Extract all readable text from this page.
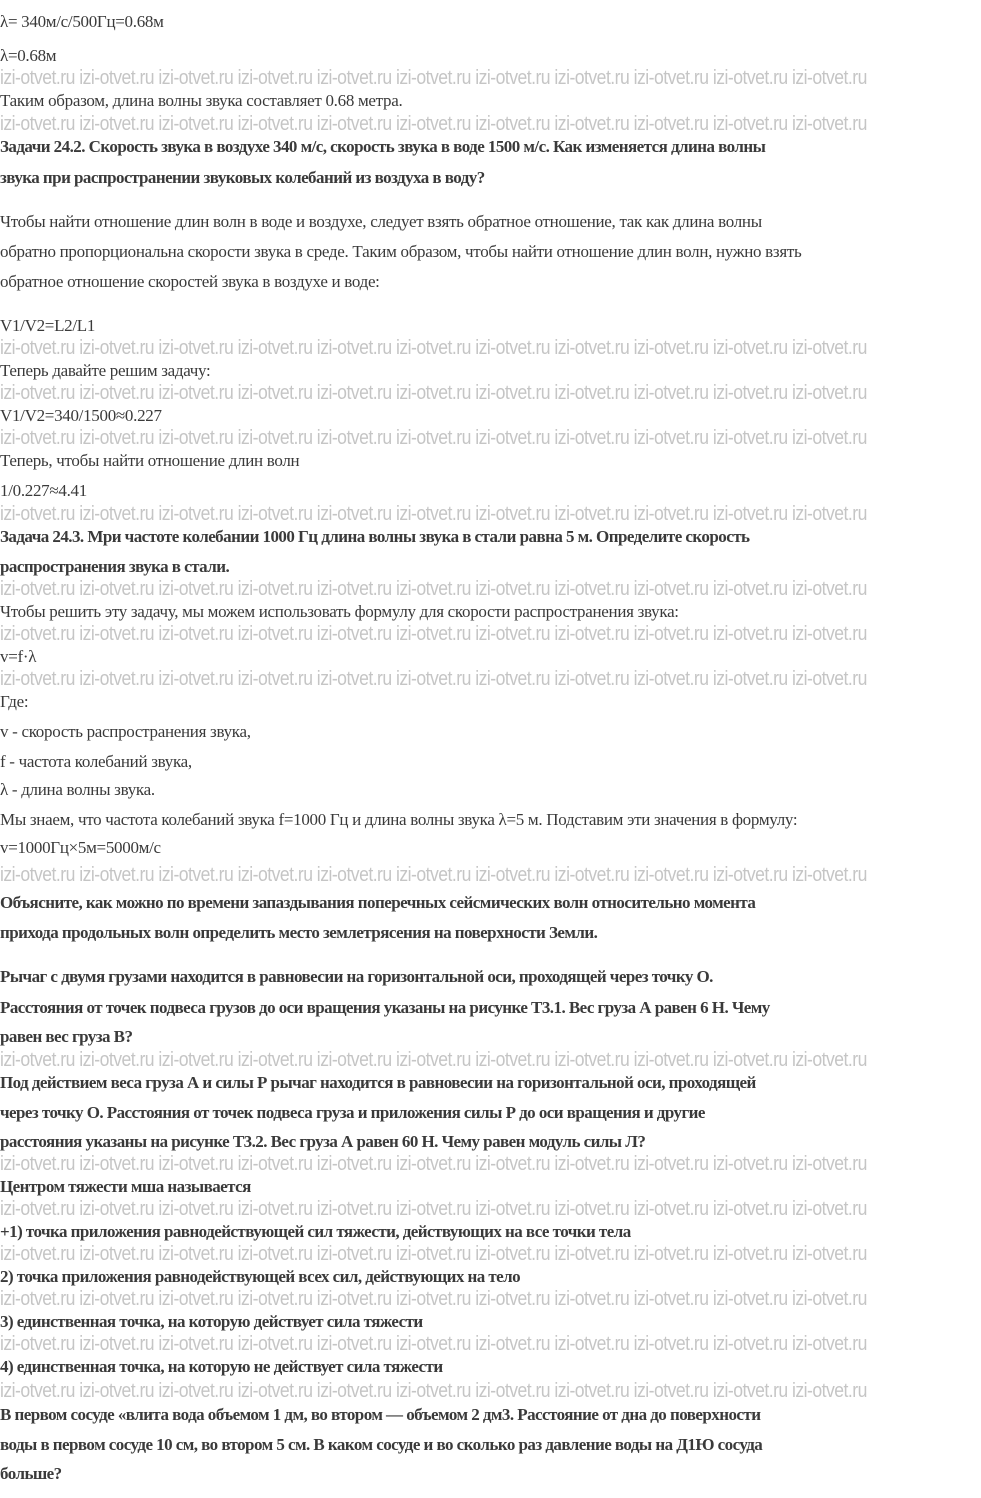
izi-otvet.ru izi-otvet.ru izi-otvet.ru izi-otvet.ru izi-otvet.ru izi-otvet.ru izi-otvet.ru izi-otvet.ru izi-otvet.ru izi-otvet.ru izi-otvet.ru
izi-otvet.ru izi-otvet.ru izi-otvet.ru izi-otvet.ru izi-otvet.ru izi-otvet.ru izi-otvet.ru izi-otvet.ru izi-otvet.ru izi-otvet.ru izi-otvet.ru
izi-otvet.ru izi-otvet.ru izi-otvet.ru izi-otvet.ru izi-otvet.ru izi-otvet.ru izi-otvet.ru izi-otvet.ru izi-otvet.ru izi-otvet.ru izi-otvet.ru
izi-otvet.ru izi-otvet.ru izi-otvet.ru izi-otvet.ru izi-otvet.ru izi-otvet.ru izi-otvet.ru izi-otvet.ru izi-otvet.ru izi-otvet.ru izi-otvet.ru
izi-otvet.ru izi-otvet.ru izi-otvet.ru izi-otvet.ru izi-otvet.ru izi-otvet.ru izi-otvet.ru izi-otvet.ru izi-otvet.ru izi-otvet.ru izi-otvet.ru
izi-otvet.ru izi-otvet.ru izi-otvet.ru izi-otvet.ru izi-otvet.ru izi-otvet.ru izi-otvet.ru izi-otvet.ru izi-otvet.ru izi-otvet.ru izi-otvet.ru
izi-otvet.ru izi-otvet.ru izi-otvet.ru izi-otvet.ru izi-otvet.ru izi-otvet.ru izi-otvet.ru izi-otvet.ru izi-otvet.ru izi-otvet.ru izi-otvet.ru
izi-otvet.ru izi-otvet.ru izi-otvet.ru izi-otvet.ru izi-otvet.ru izi-otvet.ru izi-otvet.ru izi-otvet.ru izi-otvet.ru izi-otvet.ru izi-otvet.ru
izi-otvet.ru izi-otvet.ru izi-otvet.ru izi-otvet.ru izi-otvet.ru izi-otvet.ru izi-otvet.ru izi-otvet.ru izi-otvet.ru izi-otvet.ru izi-otvet.ru
izi-otvet.ru izi-otvet.ru izi-otvet.ru izi-otvet.ru izi-otvet.ru izi-otvet.ru izi-otvet.ru izi-otvet.ru izi-otvet.ru izi-otvet.ru izi-otvet.ru
izi-otvet.ru izi-otvet.ru izi-otvet.ru izi-otvet.ru izi-otvet.ru izi-otvet.ru izi-otvet.ru izi-otvet.ru izi-otvet.ru izi-otvet.ru izi-otvet.ru
izi-otvet.ru izi-otvet.ru izi-otvet.ru izi-otvet.ru izi-otvet.ru izi-otvet.ru izi-otvet.ru izi-otvet.ru izi-otvet.ru izi-otvet.ru izi-otvet.ru
izi-otvet.ru izi-otvet.ru izi-otvet.ru izi-otvet.ru izi-otvet.ru izi-otvet.ru izi-otvet.ru izi-otvet.ru izi-otvet.ru izi-otvet.ru izi-otvet.ru
izi-otvet.ru izi-otvet.ru izi-otvet.ru izi-otvet.ru izi-otvet.ru izi-otvet.ru izi-otvet.ru izi-otvet.ru izi-otvet.ru izi-otvet.ru izi-otvet.ru
izi-otvet.ru izi-otvet.ru izi-otvet.ru izi-otvet.ru izi-otvet.ru izi-otvet.ru izi-otvet.ru izi-otvet.ru izi-otvet.ru izi-otvet.ru izi-otvet.ru
izi-otvet.ru izi-otvet.ru izi-otvet.ru izi-otvet.ru izi-otvet.ru izi-otvet.ru izi-otvet.ru izi-otvet.ru izi-otvet.ru izi-otvet.ru izi-otvet.ru
izi-otvet.ru izi-otvet.ru izi-otvet.ru izi-otvet.ru izi-otvet.ru izi-otvet.ru izi-otvet.ru izi-otvet.ru izi-otvet.ru izi-otvet.ru izi-otvet.ru
λ= 340м/с/500Гц=0.68м
λ=0.68м
Таким образом, длина волны звука составляет 0.68 метра.
Задачи 24.2. Скорость звука в воздухе 340 м/с, скорость звука в воде 1500 м/с. Как изменяется длина волны
звука при распространении звуковых колебаний из воздуха в воду?
Чтобы найти отношение длин волн в воде и воздухе, следует взять обратное отношение, так как длина волны
обратно пропорциональна скорости звука в среде. Таким образом, чтобы найти отношение длин волн, нужно взять
обратное отношение скоростей звука в воздухе и воде:
V1/V2=L2/L1
Теперь давайте решим задачу:
V1/V2=340/1500≈0.227
Теперь, чтобы найти отношение длин волн
1/0.227≈4.41
Задача 24.3. Мри частоте колебании 1000 Гц длина волны звука в стали равна 5 м. Определите скорость
распространения звука в стали.
Чтобы решить эту задачу, мы можем использовать формулу для скорости распространения звука:
v=f·λ
Где:
v - скорость распространения звука,
f - частота колебаний звука,
λ - длина волны звука.
Мы знаем, что частота колебаний звука f=1000 Гц и длина волны звука λ=5 м. Подставим эти значения в формулу:
v=1000Гц×5м=5000м/с
Объясните, как можно по времени запаздывания поперечных сейсмических волн относительно момента
прихода продольных волн определить место землетрясения на поверхности Земли.
Рычаг с двумя грузами находится в равновесии на горизонтальной оси, проходящей через точку О.
Расстояния от точек подвеса грузов до оси вращения указаны на рисунке Т3.1. Вес груза А равен 6 Н. Чему
равен вес груза В?
Под действием веса груза А и силы Р рычаг находится в равновесии на горизонтальной оси, проходящей
через точку О. Расстояния от точек подвеса груза и приложения силы Р до оси вращения и другие
расстояния указаны на рисунке Т3.2. Вес груза А равен 60 Н. Чему равен модуль силы Л?
Центром тяжести мша называется
+1) точка приложения равнодействующей сил тяжести, действующих на все точки тела
2) точка приложения равнодействующей всех сил, действующих на тело
3) единственная точка, на которую действует сила тяжести
4) единственная точка, на которую не действует сила тяжести
В первом сосуде «влита вода объемом 1 дм, во втором — объемом 2 дм3. Расстояние от дна до поверхности
воды в первом сосуде 10 см, во втором 5 см. В каком сосуде и во сколько раз давление воды на Д1Ю сосуда
больше?
